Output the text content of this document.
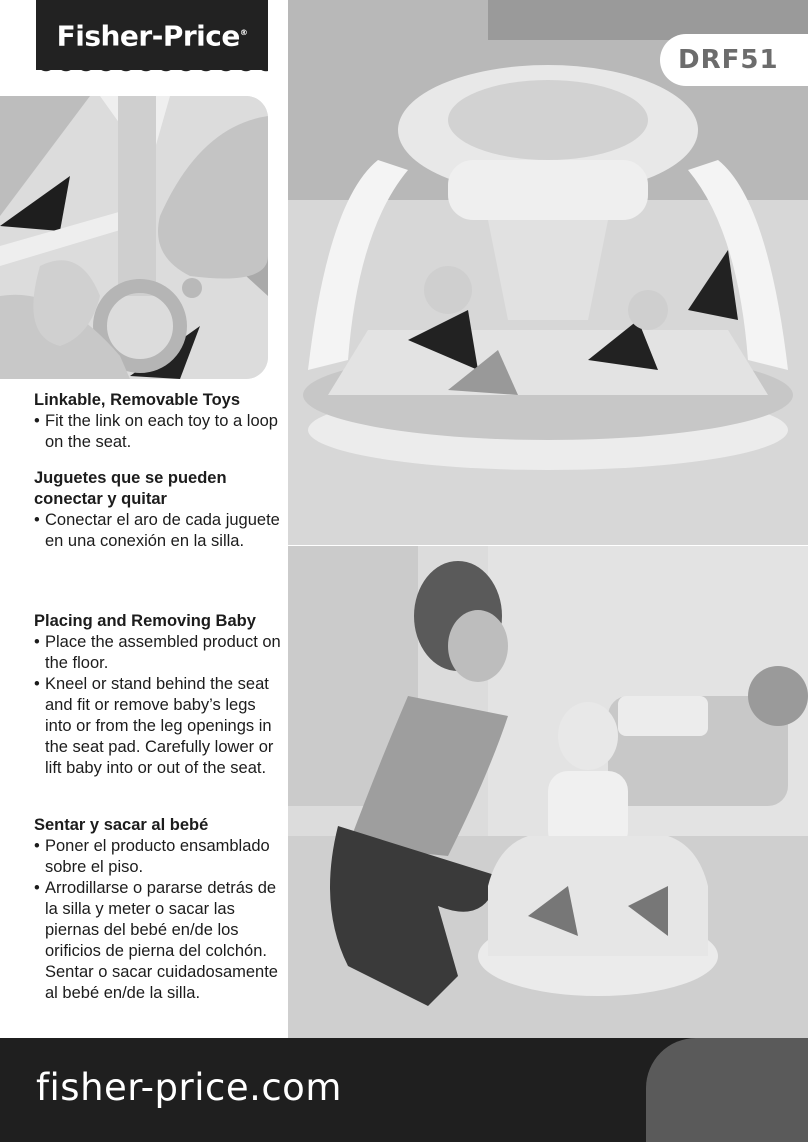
Fisher-Price®
DRF51
Linkable, Removable Toys
• Fit the link on each toy to a loop on the seat.
Juguetes que se pueden conectar y quitar
• Conectar el aro de cada juguete en una conexión en la silla.
Placing and Removing Baby
• Place the assembled product on the floor.
• Kneel or stand behind the seat and fit or remove baby’s legs into or from the leg openings in the seat pad. Carefully lower or lift baby into or out of the seat.
Sentar y sacar al bebé
• Poner el producto ensamblado sobre el piso.
• Arrodillarse o pararse detrás de la silla y meter o sacar las piernas del bebé en/de los orificios de pierna del colchón. Sentar o sacar cuidadosamente al bebé en/de la silla.
fisher-price.com
